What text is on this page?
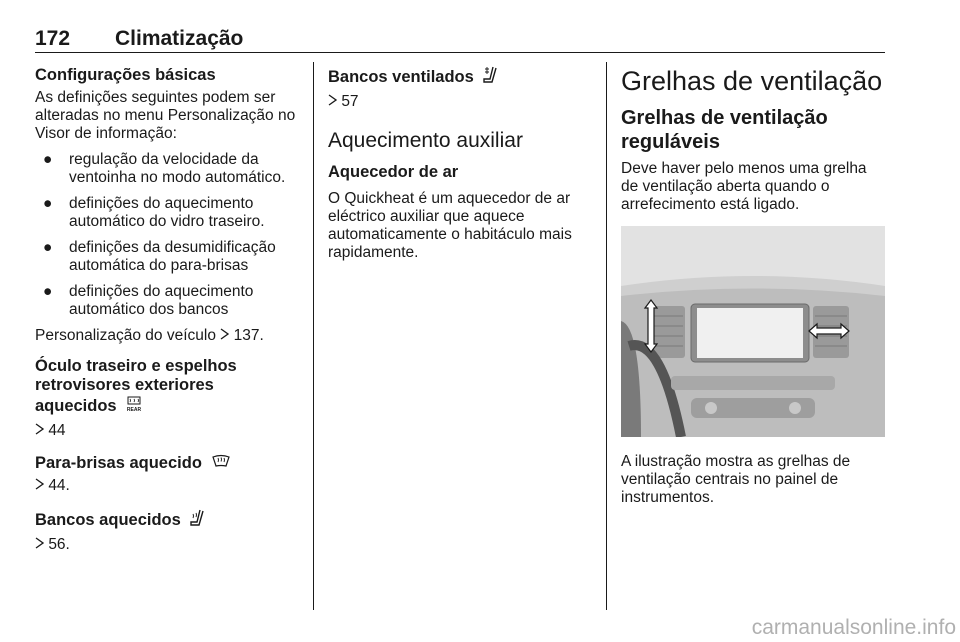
172 Climatização
Configurações básicas

As definições seguintes podem ser alteradas no menu Personalização no Visor de informação:

● regulação da velocidade da ventoinha no modo automático.
● definições do aquecimento automático do vidro traseiro.
● definições da desumidificação automática do para-brisas
● definições do aquecimento automático dos bancos

Personalização do veículo 137.

Óculo traseiro e espelhos retrovisores exteriores aquecidos REAR

44

Para-brisas aquecido

44.

Bancos aquecidos

56.

Bancos ventilados

57

Aquecimento auxiliar
Aquecedor de ar

O Quickheat é um aquecedor de ar eléctrico auxiliar que aquece automaticamente o habitáculo mais rapidamente.

Grelhas de ventilação
Grelhas de ventilação reguláveis

Deve haver pelo menos uma grelha de ventilação aberta quando o arrefecimento está ligado.

A ilustração mostra as grelhas de ventilação centrais no painel de instrumentos.

carmanualsonline.info
